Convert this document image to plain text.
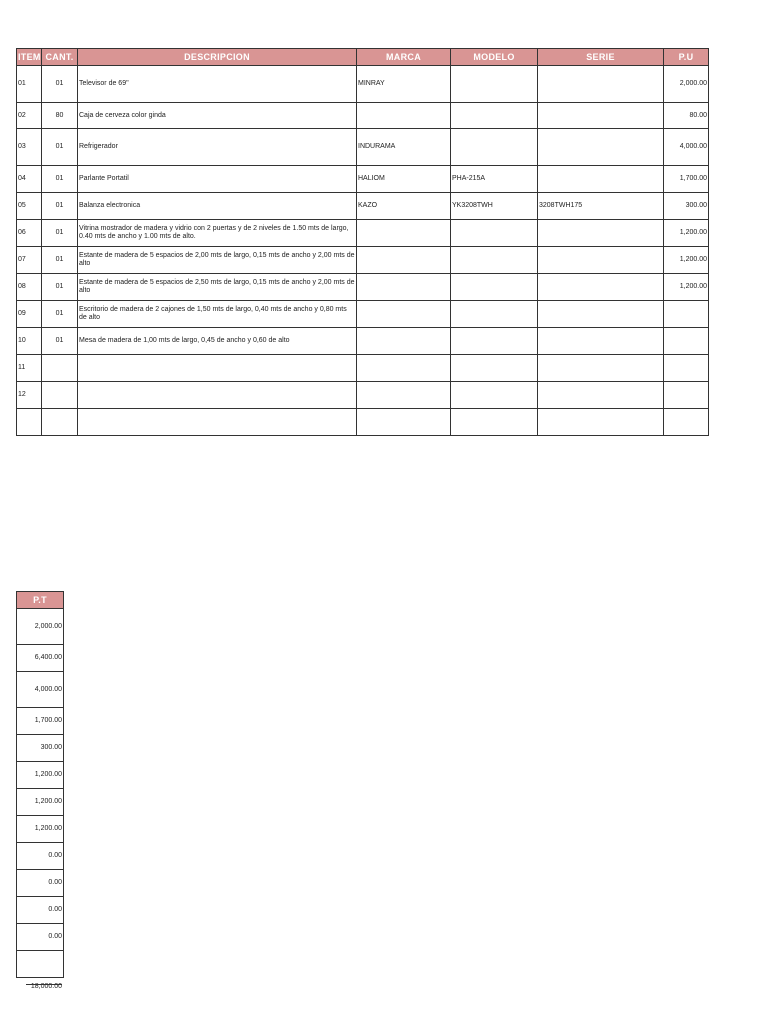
ITEM	CANT.	DESCRIPCION	MARCA	MODELO	SERIE	P.U
01	01	Televisor de 69''	MINRAY			2,000.00
02	80	Caja de cerveza color ginda				80.00
03	01	Refrigerador	INDURAMA			4,000.00
04	01	Parlante Portatil	HALIOM	PHA-215A		1,700.00
05	01	Balanza electronica	KAZO	YK3208TWH	3208TWH175	300.00
06	01	Vitrina mostrador de madera y vidrio con 2 puertas y de 2 niveles de 1.50 mts de largo, 0.40 mts de ancho y 1.00 mts de alto.				1,200.00
07	01	Estante de madera de 5 espacios de 2,00 mts de largo, 0,15 mts de ancho y 2,00 mts de alto				1,200.00
08	01	Estante de madera de 5 espacios de 2,50 mts de largo, 0,15 mts de ancho y 2,00 mts de alto				1,200.00
09	01	Escritorio de madera de 2 cajones de 1,50 mts de largo, 0,40 mts de ancho y 0,80 mts de alto				
10	01	Mesa de madera de 1,00 mts de largo, 0,45 de ancho y 0,60 de alto				
11						
12						

P.T
2,000.00
6,400.00
4,000.00
1,700.00
300.00
1,200.00
1,200.00
1,200.00
0.00
0.00
0.00
0.00

18,000.00
